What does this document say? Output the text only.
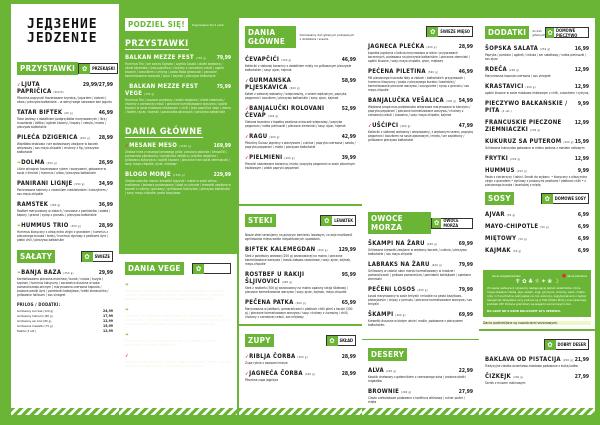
ЈЕДЗЕНИЕ
JEDZENIE
PRZYSTAWKI ✿	PRZEKĄSKI
➶LJUTA PAPRIČICA (400/5)
29,99/27,99
Pikantna papryczki faszerowane bryndzą / jogurtem / ziołami / oliwa / pieczywo bałkańskie – w wersji wege serowane bez jogurtu
TATAR BIFTEK (60 g)	46,99
Tatar wołowy z dodatkiem podgrzybków marynowanych / ikrą / musztarda / żółtko / ogórek kiszony / kapary / cebula / masło / pieczywo bałkańskie
PILEĆA DZIGERICA (200 g) 28,99
Wątróbka drobiowa i ser wołowinowy zawijane w boczek wieprzowy / sos mayo-chipotle / chutney z fig / pieczywo bałkańskie
❧DOLMA (250 g)	26,99
Liście winogron faszerowane ryżem i warzywami, gotowane w sosie z limonki / hummus / oliwa / pieczywo bałkańskie
PANIRANI LIGNJE (250 g)	34,99
Panierowane kalmary z czosnkiem niedźwiedzim i łubczykiem / sos mayo-chipotle
RAMSTEK (280 g)	36,99
Rostbef marynowany w ziołach / concasse z pomidorów / sałata / kapary / granat / syrop z granatu / pieczywo bałkańskie
❧HUMMUS TRIO (300 g)	28,99
Hummus klasyczny z oliwą extra virgin z granatem / hummus z pieczonego buraka i tartej / hummus dyniowy z pestkami dyni / płatki chili / pieczywo bałkańskie
SAŁATY	✿	ŚWIEŻE
❧BANJA BAZA (250 g)	29,99
Karmelizowana pieczona marchew / burak / rukola / kuzyla / szpinak / hummus klasyczny / soczewica duszona w sosie pomarańczowo-winnym / marynowana czerwona kapusta / prażone pestki dyni / pomidorki koktajlowe / kiełki słonecznika / grillowane halloumi / sos vinegret
PRILOG / DODATKI:
Grillowany kurczak (120 g)	24,99
Grillowany halloumi (80 g)	17,99
Grillowany ser kozi (80 g)	12,99
Grillowane krewetki (75 g)	15,99
Falafel (3 szt.)	12,99
PODZIEL SIĘ!	Sugerowane dla 2 osób.
PRZYSTAWKI
BALKAN MEZZE FEST (700 g) 79,99
Hummus Trio / ser solony Špinata / szynka Gouda / oliwki wędzone / oliwki kalamata / ljuta papričica / chutney z czerwonej cebuli / ogórki kiszone / czosnkiem i cytryną / pasta Baba ghanoush / pieczone karmelizowane warzywa / ajvar / kajmak / pieczywo bałkańskie
❧BALKAN MEZZE FEST VEGE (700 g)
75,99
Hummus Trio / suszone pomidory / oliwki wędzone / oliwki kalamata / chutney z czerwonej cebuli / pieczone karmelizowane warzywa / ogórki kiszone w sosie miodowo-imbirowym z chilli / ljuta papričica vege / dolma / falafel / ajvar / kajmak / pasta baba ghanoush / pieczywo bałkańskie
DANIA GŁÓWNE
➶MESANE MESO (1600 g)	169,99
Zestaw mięs z naszego lamowego grilla: pieczona golonka / ćevapčići / gurmanska pljeskavica / banjalučka vešalica / piletina dzigerica / grillowana kukurydza / ogórki kiszone / pieczone francuskie ziemniaczki / sosy: mayo-chipotle, ajvar, miętowy
BLOGO MORJE (1300 g)	229,99
Zestaw owoców morza: krewetki tygrysie i małże w sosie winno-maślanym / kalmary panierowane / okoń w cytrynie / krewetki zawijane w boczek z cukinią / gambasy / grillowana kukurydza / pieczywo bałkańskie / sosy: mayo-chipotle, pesto bazyliowe
DANIA VEGE	✿	BEZ MIĘSA
❧BANJA HALLOUMI (400 g)	46,99
Panierowany w kolorowym sezamie ser halloumi podany na pieczonej cukinii z soczewicą duszoną w winie i sokiem pomarańczy / pieczona papryka / grillowane pomidorki koktajlowe / kiełki słonecznika
❧PEČENI SIR (400 g)	38,99
Zapiekany ser sałatkowy z pomidorkami koktajlowymi / tymiankiem / czarne oliwki / grillowana papryka / cukinia / chutney z czerwonej cebuli / tuszowane płatki chili / oliwa czosnkowa / pieczywo bałkańskie
❧PALAČINKI (400 g)	32,99
Placki warzywne / pasta Baba Ghanoush / ser sałatkowy / kiełki słonecznika / pomidorki koktajlowe
➶RAGU VEGE (400 g)	35,99
Pikantny Gulasz warzywny / cukinia / papryka czerwona / sałata / papryka pepperoni / jogurt grecki / mięta / pieczywo bałkańskie
DANIA GŁÓWNE
Domawiamy dań głównych podawanych z dodatkami i sosami.
ĆEVAPČIĆI (300 g)	46,99
Kotleciki z siekanej baraniny z dodatkiem mięty na grillowanym pieczywie bałkańskim / sosy: ajvar, kajmak
➶GURMANSKA PLJESKAVICA (400 g)
58,99
Kotlet z siekanej wołowiny / wieprzowiny, z serem wędzonym, papryką pepperoni i boczkiem / pieczywo bałkańskie / sosy: ajvar, kajmak
➶BANJALUČKI ROLOVANI ĆEVAP (400 g)
52,99
Siekana baranina z łopatką zawijana w boczek wieprzowy / papryka pepperoni / natka pietruszki / pieczone ziemniaki / sosy: ajvar, kajmak
➶RAGU (400 g)	42,99
Pikantny Gulasz jagnięcy z warzywami / cukinia / papryka czerwona / sałata / papryka pepperoni / mięta / pieczywo bałkańskie
➶PIELMIENI (400 g)	39,99
Pierożki nadziewane baraniną, miętą i papryką pepperoni w sosie pikantnym kwiatowym / płatki papryki pepperoni
STEKI	✿	LEWATEK
Nasze steki serwujemy na gorącym kamieniu lawowym, co daje możliwość zgrillowania mięsa wedle indywidualnych upodobań.
BIFTEK KALEMEGDAN (400 g) 129,99
Stek z polędwicy wołowej (250 g) sezonowanej na mokro / pieczone karmelizowane warzywa / masło ziołowo-czosnkowe / sosy: ajvar, kajmak, mayo-chipotle
ROSTBEF U RAKIJI ŠLJIVOVICI (400 g)
95,99
Stek z rostbefu (300 g) sezonowany na mokro opalony rakiją śliwkową / pieczone karmelizowane warzywa / sosy: ajvar, kajmak, mayo-chipotle
PEČENA PATKA (400 g)	65,99
Marynowana w jabłkach, pomarańczach i płatkach chilli pierś z kaczki (300 g) / pieczone karmelizowane warzywa / sosy: chutney z żurawiny i chilli, chutney z czerwonej cebuli, sos miętowy
ZUPY	✿	SKŁAD
➶RIBLJA ČORBA (300 g)	28,99
Zupa rybna z owocami morza
➶JAGNEĆA ČORBA (300 g)	28,99
Pikantna zupa jagnięca
✿	ŚWIEŻE MIĘSO
JAGNECA PLEĆKA (400 g)	28,99
Łopatka jagnięcia z kością marynowana w winie i przyprawach korzennych, podawana na pieczywie bałkańskim / pieczone ziemniaki / ogórki kiszone / sosy: mayo-chipotle, ajvar, miętowy
PEĆENA PILETINA (500 g)	46,99
Pół pieczonego kurczaka łódy w ziołach i bałkańskich przyprawach / hummus klasyczny / pasta z pieczonego buraka i laseńskiej / karmelizowane pieczone warzywa / szczypiorek / syrop z granatu / sos mayo-chipotle
BANJALUČKA VEŠALICA (400 g) 54,99
Wędzona praga mas polędwiczka wieprzowa marynowana w łubczyku / papryka pepperoni / pieczone karmelizowane warzywa / chutney z czerwonej cebuli / tuzowina / sosy: mayo-chipotle, kajmak
➶UŠĆIPCI (400 g)	47,99
Kotleciki z siekanej wołowiny i wieprzowiny, z wędzonym serem, papryką pepperoni i boczkiem na sosie ajwarowym / mięta / ser zapiekany / grillowane pieczywo bałkańskie
OWOCE MORZA	✿	OWOCE MORZA
ŠKAMPI NA ŽARU (400 g)	69,99
Grillowane krewetki zawijane w wędzony boczek / cukinia / pieczywo bałkańskie / sos mayo-chipotle
LABRAKS NA ŽARU (400 g)	79,99
Grillowany w całości okoń morski karmelizowany w miodzie i pomarańczach / grillowa pomarańcza / pomidorki koktajlowe / opiekane ziemniaki
PEČENI LOSOS (400 g)	79,99
Łosoś marynowany w sosie teriyaki i miodzie na pesto bazyliowo-pistacjowym / chipsy z jarmużu / pieczone karmelizowane warzywa / sos teriyaki
ŠKAMPI (400 g)	69,99
Krewetki duszone w białym winie i maśle, podawane z pieczywem bałkańskim.
DESERY
ALVA (200 g)	22,99
Kosztik chałwowy z gałonnikiem z czerwonego wina / prażone płatki migdałów
BROWNIE (200 g)	27,99
Ciasto czekoladowe podawane z konfiturą wiśniową / cukier puder / mięta
DODATKI	do dań głównych ✿ DOMOWE PIECZYWO
ŠOPSKA SALATA (250 g)	16,99
Papryka / pomidor / ogórek / cebula / ser sałatkowy / natka pietruszki / sos ajvar
RDEČA (200 g)	12,99
Marynowana kapusta czerwona / sos vinegret
KRASTAVICI (200 g)	12,99
ogórki kiszone w sosie miodowo-imbirowym z chilli, czosnkiem i cytryną
PIECZYWO BAŁKAŃSKIE / PITA (4 szt.)
9,99
FRANCUSKIE PIECZONE ZIEMNIACZKI (200 g)
12,99
KUKURUZ SA PUTEROM (200 g) 15,99
Grillowana kukurydza gotowana w mleku podana z masłem ziołowym
FRYTKI (200 g)	12,99
HUMMUS (100 g)	9,99
Pasta z ciecierzycy i tahini. Smaki do wyboru: • klasyczny z oliwą extra virgin z granatem • dyniowy z prażonymi pestkami i płatkami chilli • z pieczonego buraka i laseńskiej z miętą
SOSY	✿	DOMOWE SOSY
AJVAR (50 g)	6,99
MAYO-CHIPOTLE (50 g)	6,99
MIĘTOWY (50 g)	6,99
KAJMAK (50 g)	6,99
● danie wegetariańskie	● danie pikantne
♆ ✿ ♣ ☼ ✦ ❀ ☽
W naszej restauracji używamy następującej jakości składników, które mogą zawierać zboża, jaja, sezam, soja, gorczyca, orzechy, seler, mleko, ryby i ich pochodne. Jeśli jesteś na coś uczulony, zapytaj kelnera o wykaz alergenów. Wszystkie ceny podane są w PLN (Polski Złoty) oraz zawierają podatek VAT. Podane gramatury są wagami surowcowymi dań.
DO GRUP OD 6 OSÓB DOLICZAMY 10% SERWISU.
Dania podkreślone są nowościami sezonowymi.
✿	DOBRY DESER
BAKLAVA OD PISTACIJA (200 g) 21,99
Tradycyjne ciastko orzechowo-miodowe podawane z kulką lodów
ČIZKEJK (200 g)	27,99
Sernik z musem malinowym
